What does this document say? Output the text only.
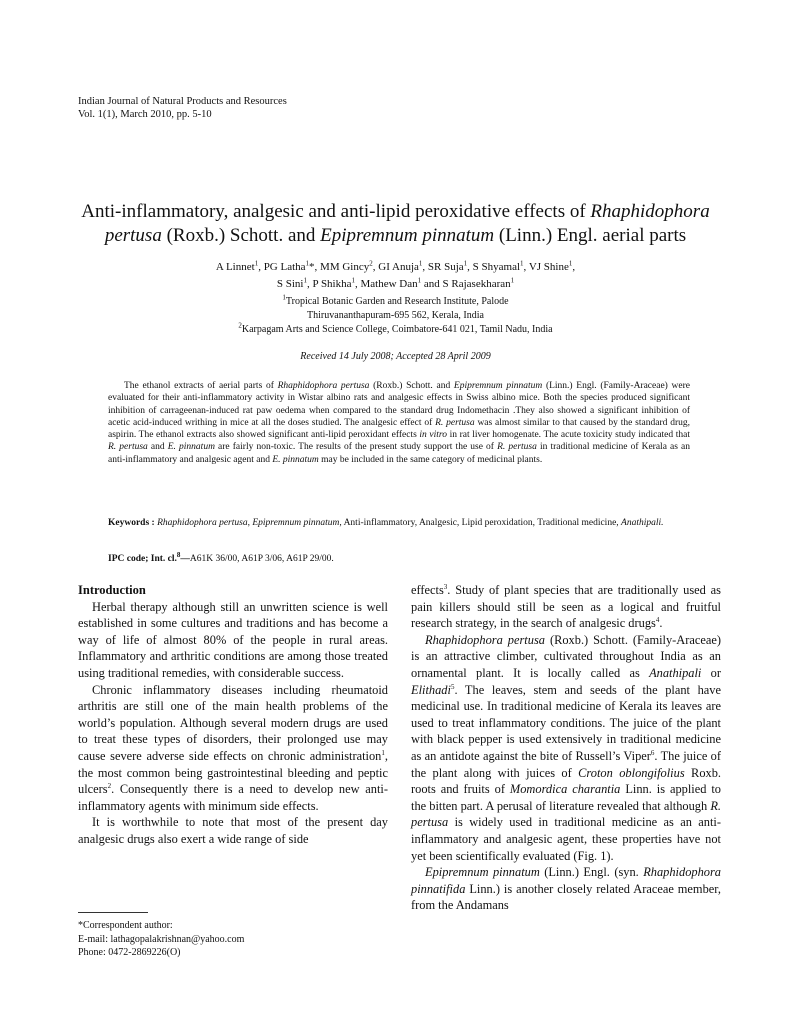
Indian Journal of Natural Products and Resources
Vol. 1(1), March 2010, pp. 5-10
Anti-inflammatory, analgesic and anti-lipid peroxidative effects of Rhaphidophora
pertusa (Roxb.) Schott. and Epipremnum pinnatum (Linn.) Engl. aerial parts
A Linnet$^1$, PG Latha$^1$*, MM Gincy$^2$, GI Anuja$^1$, SR Suja$^1$, S Shyamal$^1$, VJ Shine$^1$,
S Sini$^1$, P Shikha$^1$, Mathew Dan$^1$ and S Rajasekharan$^1$
$^1$Tropical Botanic Garden and Research Institute, Palode
Thiruvananthapuram-695 562, Kerala, India
$^2$Karpagam Arts and Science College, Coimbatore-641 021, Tamil Nadu, India
Received 14 July 2008; Accepted 28 April 2009
The ethanol extracts of aerial parts of Rhaphidophora pertusa (Roxb.) Schott. and Epipremnum pinnatum (Linn.) Engl. (Family-Araceae) were evaluated for their anti-inflammatory activity in Wistar albino rats and analgesic effects in Swiss albino mice. Both the species produced significant inhibition of carrageenan-induced rat paw oedema when compared to the standard drug Indomethacin .They also showed a significant inhibition of acetic acid-induced writhing in mice at all the doses studied. The analgesic effect of R. pertusa was almost similar to that caused by the standard drug, aspirin. The ethanol extracts also showed significant anti-lipid peroxidant effects in vitro in rat liver homogenate. The acute toxicity study indicated that R. pertusa and E. pinnatum are fairly non-toxic. The results of the present study support the use of R. pertusa in traditional medicine of Kerala as an anti-inflammatory and analgesic agent and E. pinnatum may be included in the same category of medicinal plants.
Keywords : Rhaphidophora pertusa, Epipremnum pinnatum, Anti-inflammatory, Analgesic, Lipid peroxidation, Traditional medicine, Anathipali.
IPC code; Int. cl.$^8$—A61K 36/00, A61P 3/06, A61P 29/00.
Introduction

Herbal therapy although still an unwritten science is well established in some cultures and traditions and has become a way of life of almost 80% of the people in rural areas. Inflammatory and arthritic conditions are among those treated using traditional remedies, with considerable success.

Chronic inflammatory diseases including rheumatoid arthritis are still one of the main health problems of the world’s population. Although several modern drugs are used to treat these types of disorders, their prolonged use may cause severe adverse side effects on chronic administration$^1$, the most common being gastrointestinal bleeding and peptic ulcers$^2$. Consequently there is a need to develop new anti-inflammatory agents with minimum side effects.

It is worthwhile to note that most of the present day analgesic drugs also exert a wide range of side

effects$^3$. Study of plant species that are traditionally used as pain killers should still be seen as a logical and fruitful research strategy, in the search of analgesic drugs$^4$.

Rhaphidophora pertusa (Roxb.) Schott. (Family-Araceae) is an attractive climber, cultivated throughout India as an ornamental plant. It is locally called as Anathipali or Elithadi$^5$. The leaves, stem and seeds of the plant have medicinal use. In traditional medicine of Kerala its leaves are used to treat inflammatory conditions. The juice of the plant with black pepper is used extensively in traditional medicine as an antidote against the bite of Russell’s Viper$^6$. The juice of the plant along with juices of Croton oblongifolius Roxb. roots and fruits of Momordica charantia Linn. is applied to the bitten part. A perusal of literature revealed that although R. pertusa is widely used in traditional medicine as an anti-inflammatory and analgesic agent, these properties have not yet been scientifically evaluated (Fig. 1).

Epipremnum pinnatum (Linn.) Engl. (syn. Rhaphidophora pinnatifida Linn.) is another closely related Araceae member, from the Andamans

*Correspondent author:
E-mail: lathagopalakrishnan@yahoo.com
Phone: 0472-2869226(O)
